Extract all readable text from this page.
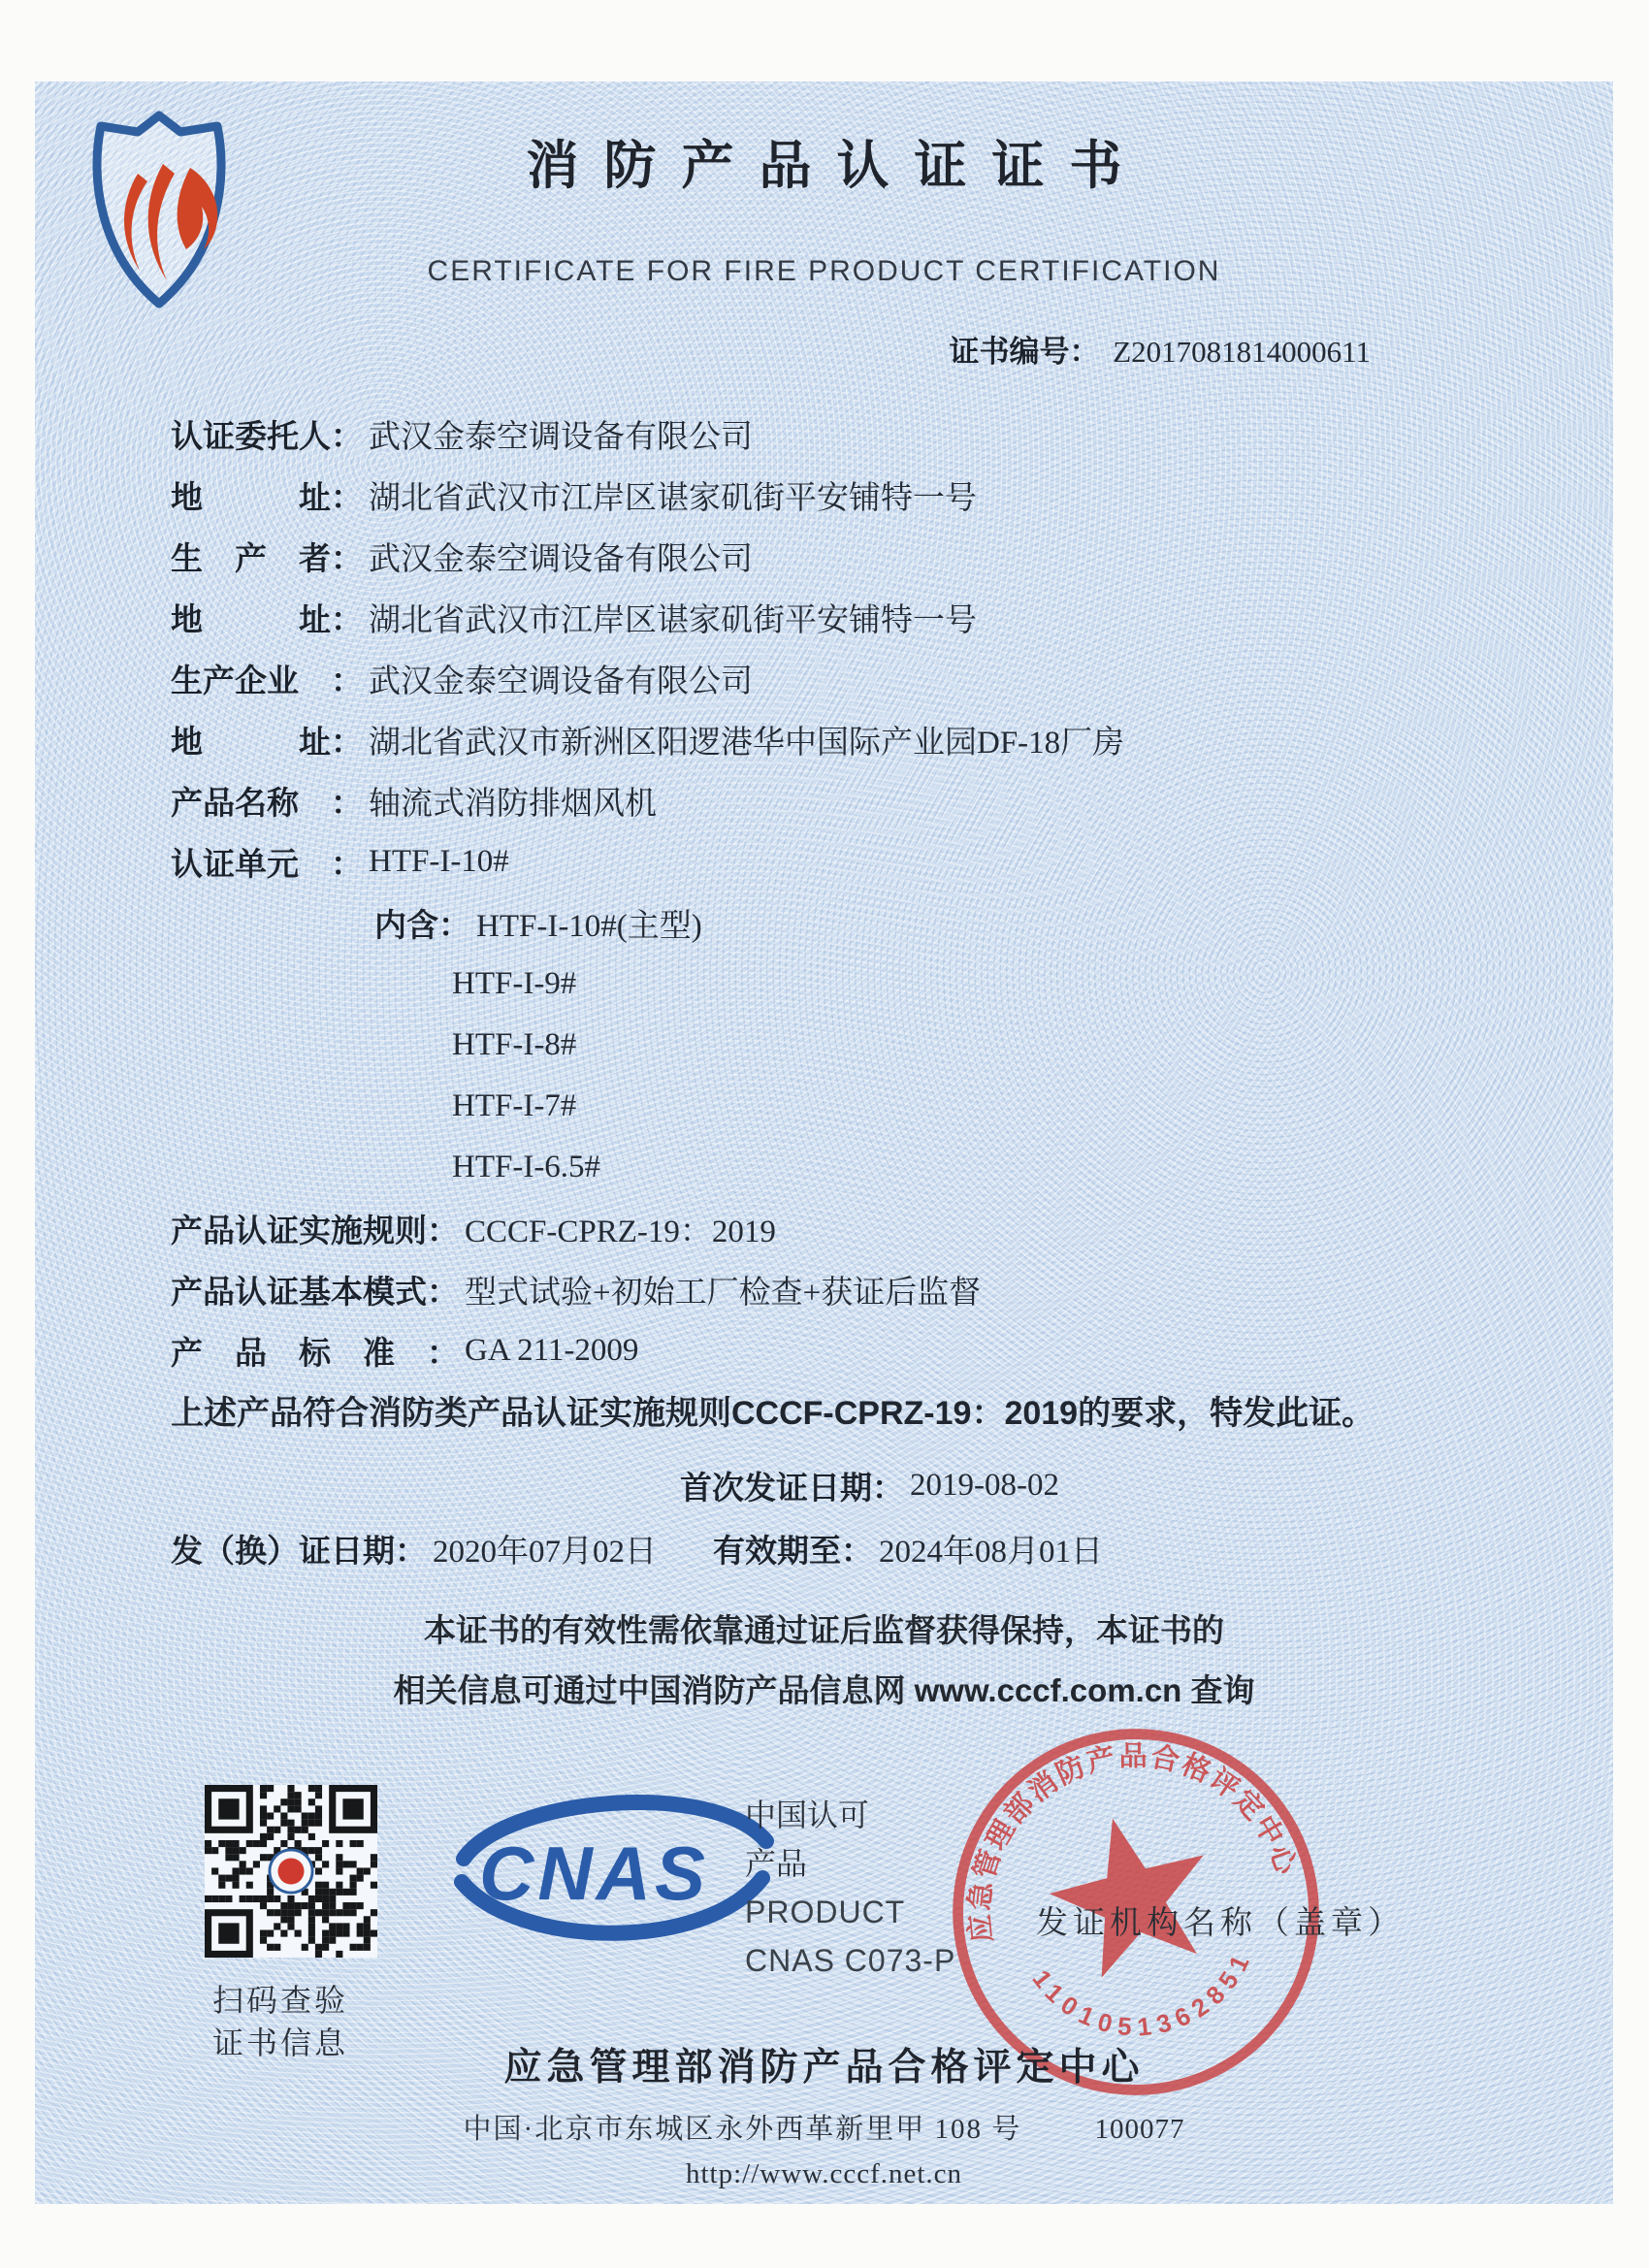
消防产品认证证书
CERTIFICATE FOR FIRE PRODUCT CERTIFICATION
证书编号： Z2017081814000611
认证委托人： 武汉金泰空调设备有限公司
地　　　址： 湖北省武汉市江岸区谌家矶街平安铺特一号
生　产　者： 武汉金泰空调设备有限公司
地　　　址： 湖北省武汉市江岸区谌家矶街平安铺特一号
生产企业　： 武汉金泰空调设备有限公司
地　　　址： 湖北省武汉市新洲区阳逻港华中国际产业园DF-18厂房
产品名称　： 轴流式消防排烟风机
认证单元　： HTF-I-10#
内含： HTF-I-10#(主型)
HTF-I-9#
HTF-I-8#
HTF-I-7#
HTF-I-6.5#
产品认证实施规则： CCCF-CPRZ-19：2019
产品认证基本模式： 型式试验+初始工厂检查+获证后监督
产　品　标　准　： GA 211-2009
上述产品符合消防类产品认证实施规则CCCF-CPRZ-19：2019的要求，特发此证。
首次发证日期： 2019-08-02
发（换）证日期： 2020年07月02日 有效期至： 2024年08月01日
本证书的有效性需依靠通过证后监督获得保持，本证书的
相关信息可通过中国消防产品信息网 www.cccf.com.cn 查询
扫码查验
证书信息
CNAS
中国认可
产品
PRODUCT
CNAS C073-P
应急管理部消防产品合格评定中心
1101051362851
发证机构名称（盖章）
应急管理部消防产品合格评定中心
中国·北京市东城区永外西革新里甲 108 号	100077
http://www.cccf.net.cn
